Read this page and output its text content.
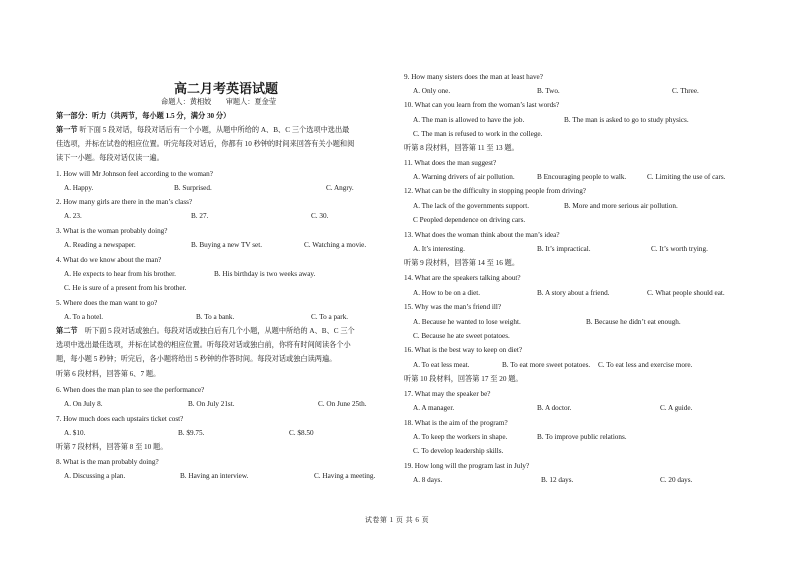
高二月考英语试题
命题人：黄相姣　　审题人：夏金莹
第一部分：听力（共两节，每小题 1.5 分，满分 30 分）
第一节 听下面 5 段对话，每段对话后有一个小题，从题中所给的 A、B、C 三个选项中选出最
佳选项，并标在试卷的相应位置。听完每段对话后，你都有 10 秒钟的时间来回答有关小题和阅
读下一小题。每段对话仅读一遍。
1. How will Mr Johnson feel according to the woman?
A. Happy.	B. Surprised.	C. Angry.
2. How many girls are there in the man’s class?
A. 23.	B. 27.	C. 30.
3. What is the woman probably doing?
A. Reading a newspaper.	B. Buying a new TV set.	C. Watching a movie.
4. What do we know about the man?
A. He expects to hear from his brother.	B. His birthday is two weeks away.
C. He is sure of a present from his brother.
5. Where does the man want to go?
A. To a hotel.	B. To a bank.	C. To a park.
第二节　 听下面 5 段对话或独白。每段对话或独白后有几个小题，从题中所给的 A、B、C 三个
选项中选出最佳选项，并标在试卷的相应位置。听每段对话或独白前，你将有时间阅读各个小
题，每小题 5 秒钟；听完后，各小题将给出 5 秒钟的作答时间。每段对话或独白读两遍。
听第 6 段材料，回答第 6、7 题。
6. When does the man plan to see the performance?
A. On July 8.	B. On July 21st.	C. On June 25th.
7. How much does each upstairs ticket cost?
A. $10.	B. $9.75.	C. $8.50
听第 7 段材料，回答第 8 至 10 题。
8. What is the man probably doing?
A. Discussing a plan.	B. Having an interview.	C. Having a meeting.
9. How many sisters does the man at least have?
A. Only one.	B. Two.	C. Three.
10. What can you learn from the woman’s last words?
A. The man is allowed to have the job.	B. The man is asked to go to study physics.
C. The man is refused to work in the college.
听第 8 段材料，回答第 11 至 13 题。
11. What does the man suggest?
A. Warning drivers of air pollution.	B Encouraging people to walk.	C. Limiting the use of cars.
12. What can be the difficulty in stopping people from driving?
A. The lack of the governments support.	B. More and more serious air pollution.
C Peopled dependence on driving cars.
13. What does the woman think about the man’s idea?
A. It’s interesting.	B. It’s impractical.	C. It’s worth trying.
听第 9 段材料，回答第 14 至 16 题。
14. What are the speakers talking about?
A. How to be on a diet.	B. A story about a friend.	C. What people should eat.
15. Why was the man’s friend ill?
A. Because he wanted to lose weight.	B. Because he didn’t eat enough.
C. Because he ate sweet potatoes.
16. What is the best way to keep on diet?
A. To eat less meat.	B. To eat more sweet potatoes. C. To eat less and exercise more.
听第 10 段材料，回答第 17 至 20 题。
17. What may the speaker be?
A. A manager.	B. A doctor.	C. A guide.
18. What is the aim of the program?
A. To keep the workers in shape.	B. To improve public relations.
C. To develop leadership skills.
19. How long will the program last in July?
A. 8 days.	B. 12 days.	C. 20 days.
试卷第 1 页 共 6 页
